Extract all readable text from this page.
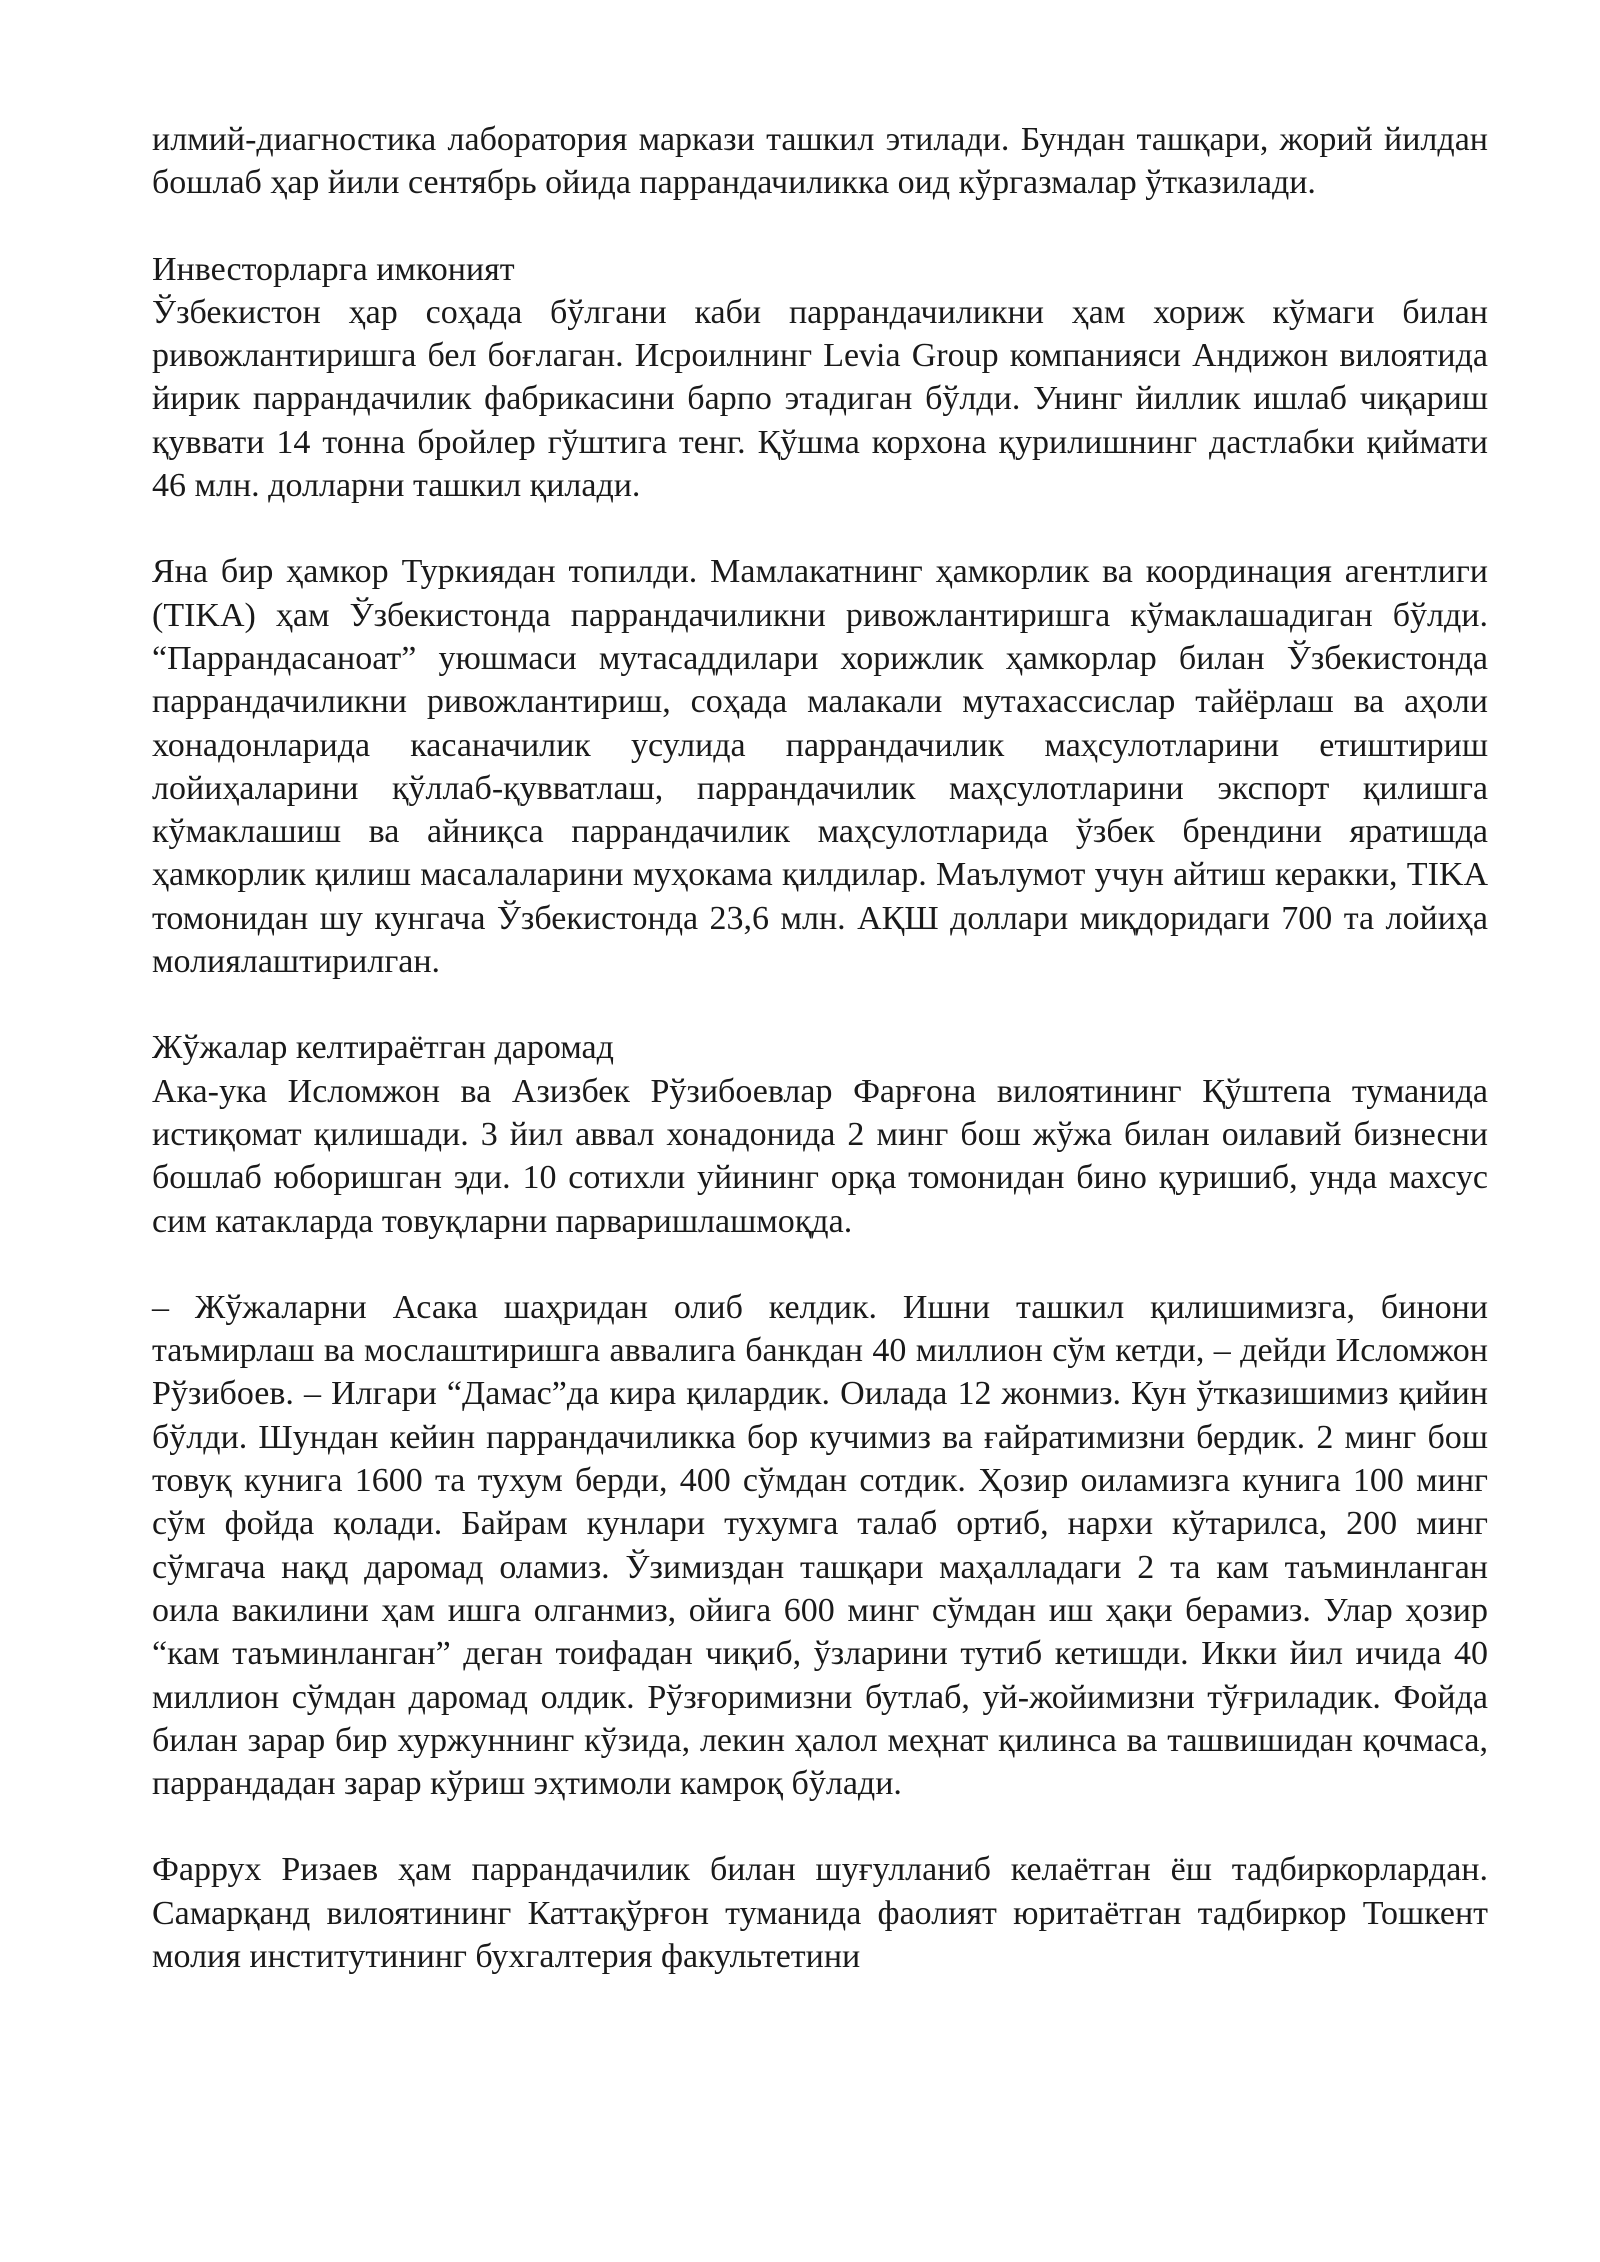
илмий-диагностика лаборатория маркази ташкил этилади. Бундан ташқари, жорий йилдан бошлаб ҳар йили сентябрь ойида паррандачиликка оид кўргазмалар ўтказилади.

Инвесторларга имконият

Ўзбекистон ҳар соҳада бўлгани каби паррандачиликни ҳам хориж кўмаги билан ривожлантиришга бел боғлаган. Исроилнинг Levia Group компанияси Андижон вилоятида йирик паррандачилик фабрикасини барпо этадиган бўлди. Унинг йиллик ишлаб чиқариш қуввати 14 тонна бройлер гўштига тенг. Қўшма корхона қурилишнинг дастлабки қиймати 46 млн. долларни ташкил қилади.

Яна бир ҳамкор Туркиядан топилди. Мамлакатнинг ҳамкорлик ва координация агентлиги (TIKA) ҳам Ўзбекистонда паррандачиликни ривожлантиришга кўмаклашадиган бўлди. “Паррандасаноат” уюшмаси мутасаддилари хорижлик ҳамкорлар билан Ўзбекистонда паррандачиликни ривожлантириш, соҳада малакали мутахассислар тайёрлаш ва аҳоли хонадонларида касаначилик усулида паррандачилик маҳсулотларини етиштириш лойиҳаларини қўллаб-қувватлаш, паррандачилик маҳсулотларини экспорт қилишга кўмаклашиш ва айниқса паррандачилик маҳсулотларида ўзбек брендини яратишда ҳамкорлик қилиш масалаларини муҳокама қилдилар. Маълумот учун айтиш керакки, TIKA томонидан шу кунгача Ўзбекистонда 23,6 млн. АҚШ доллари миқдоридаги 700 та лойиҳа молиялаштирилган.

Жўжалар келтираётган даромад

Ака-ука Исломжон ва Азизбек Рўзибоевлар Фарғона вилоятининг Қўштепа туманида истиқомат қилишади. 3 йил аввал хонадонида 2 минг бош жўжа билан оилавий бизнесни бошлаб юборишган эди. 10 сотихли уйининг орқа томонидан бино қуришиб, унда махсус сим катакларда товуқларни парваришлашмоқда.

– Жўжаларни Асака шаҳридан олиб келдик. Ишни ташкил қилишимизга, бинони таъмирлаш ва мослаштиришга аввалига банкдан 40 миллион сўм кетди, – дейди Исломжон Рўзибоев. – Илгари “Дамас”да кира қилардик. Оилада 12 жонмиз. Кун ўтказишимиз қийин бўлди. Шундан кейин паррандачиликка бор кучимиз ва ғайратимизни бердик. 2 минг бош товуқ кунига 1600 та тухум берди, 400 сўмдан сотдик. Ҳозир оиламизга кунига 100 минг сўм фойда қолади. Байрам кунлари тухумга талаб ортиб, нархи кўтарилса, 200 минг сўмгача нақд даромад оламиз. Ўзимиздан ташқари маҳалладаги 2 та кам таъминланган оила вакилини ҳам ишга олганмиз, ойига 600 минг сўмдан иш ҳақи берамиз. Улар ҳозир “кам таъминланган” деган тоифадан чиқиб, ўзларини тутиб кетишди. Икки йил ичида 40 миллион сўмдан даромад олдик. Рўзғоримизни бутлаб, уй-жойимизни тўғриладик. Фойда билан зарар бир хуржуннинг кўзида, лекин ҳалол меҳнат қилинса ва ташвишидан қочмаса, паррандадан зарар кўриш эҳтимоли камроқ бўлади.

Фаррух Ризаев ҳам паррандачилик билан шуғулланиб келаётган ёш тадбиркорлардан. Самарқанд вилоятининг Каттақўрғон туманида фаолият юритаётган тадбиркор Тошкент молия институтининг бухгалтерия факультетини
